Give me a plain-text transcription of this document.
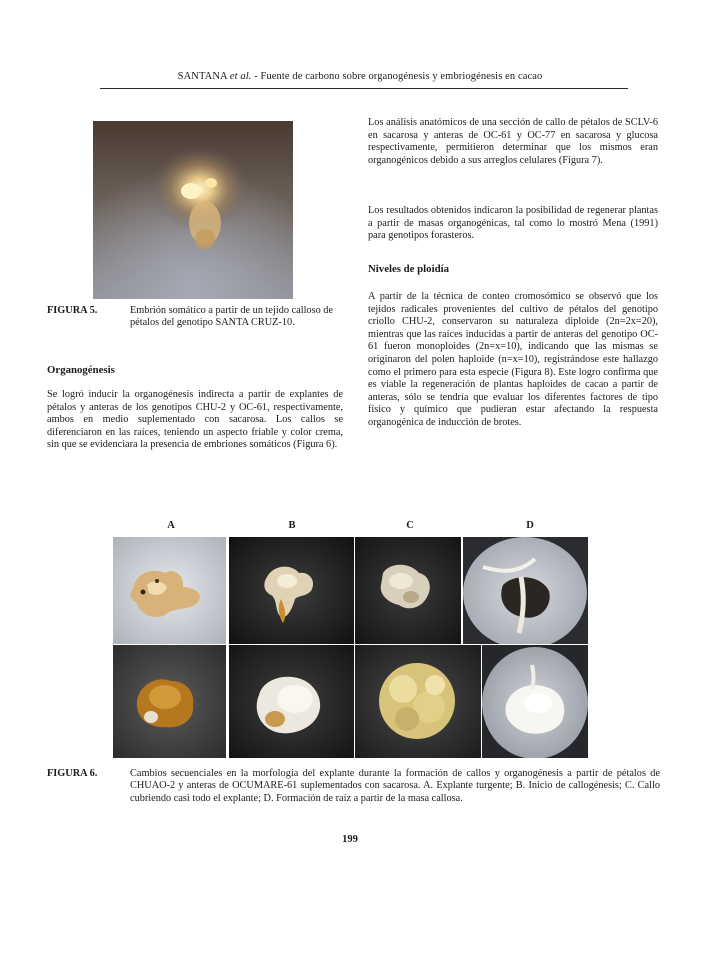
SANTANA et al. - Fuente de carbono sobre organogénesis y embriogénesis en cacao
FIGURA 5.	Embrión somático a partir de un tejido calloso de pétalos del genotipo SANTA CRUZ-10.

Organogénesis

Se logró inducir la organogénesis indirecta a partir de explantes de pétalos y anteras de los genotipos CHU-2 y OC-61, respectivamente, ambos en medio suplementado con sacarosa. Los callos se diferenciaron en las raíces, teniendo un aspecto friable y color crema, sin que se evidenciara la presencia de embriones somáticos (Figura 6).

Los análisis anatómicos de una sección de callo de pétalos de SCLV-6 en sacarosa y anteras de OC-61 y OC-77 en sacarosa y glucosa respectivamente, permitieron determinar que los mismos eran organogénicos debido a sus arreglos celulares (Figura 7).

Los resultados obtenidos indicaron la posibilidad de regenerar plantas a partir de masas organogénicas, tal como lo mostró Mena (1991) para genotipos forasteros.

Niveles de ploidía

A partir de la técnica de conteo cromosómico se observó que los tejidos radicales provenientes del cultivo de pétalos del genotipo criollo CHU-2, conservaron su naturaleza diploide (2n=2x=20), mientras que las raíces inducidas a partir de anteras del genotipo OC-61 fueron monoploides (2n=x=10), indicando que las mismas se originaron del polen haploide (n=x=10), registrándose este hallazgo como el primero para esta especie (Figura 8). Este logro confirma que es viable la regeneración de plantas haploides de cacao a partir de anteras, sólo se tendría que evaluar los diferentes factores de tipo físico y químico que pudieran estar afectando la respuesta organogénica de inducción de brotes.

A	B	C	D
FIGURA 6.	Cambios secuenciales en la morfología del explante durante la formación de callos y organogénesis a partir de pétalos de CHUAO-2 y anteras de OCUMARE-61 suplementados con sacarosa. A. Explante turgente; B. Inicio de callogénesis; C. Callo cubriendo casi todo el explante; D. Formación de raíz a partir de la masa callosa.
199
